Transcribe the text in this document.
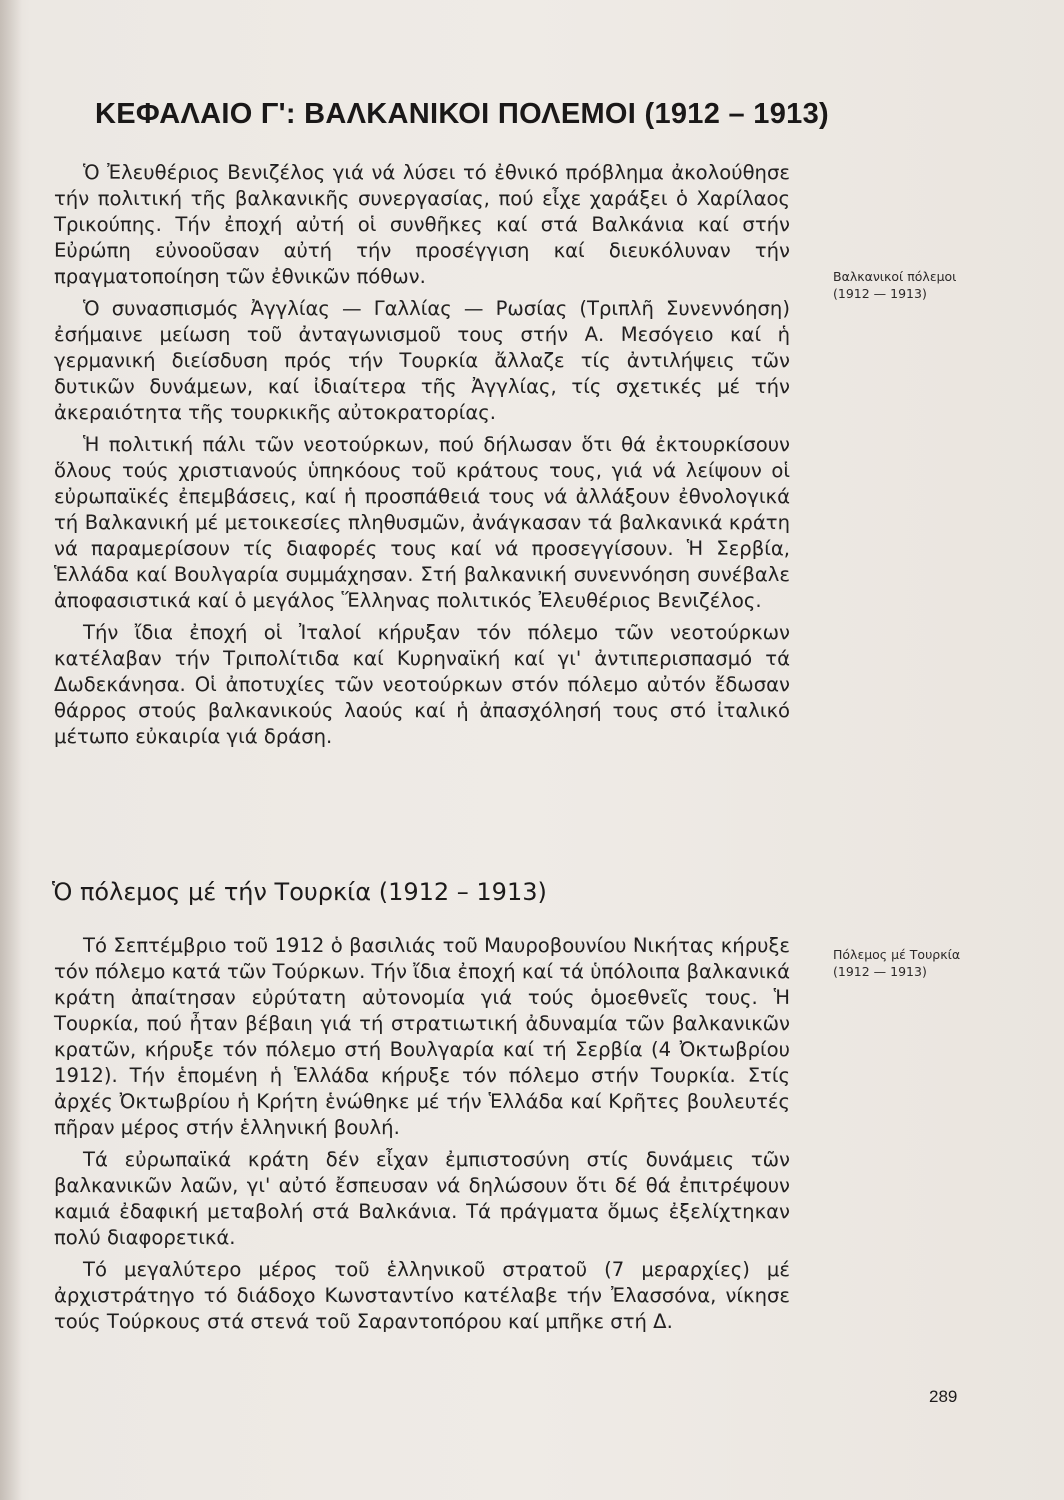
ΚΕΦΑΛΑΙΟ Γ': ΒΑΛΚΑΝΙΚΟΙ ΠΟΛΕΜΟΙ (1912 – 1913)

Ὁ Ἐλευθέριος Βενιζέλος γιά νά λύσει τό ἐθνικό πρόβλημα ἀκολούθησε τήν πολιτική τῆς βαλκανικῆς συνεργασίας, πού εἶχε χαράξει ὁ Χαρίλαος Τρικούπης. Τήν ἐποχή αὐτή οἱ συνθῆκες καί στά Βαλκάνια καί στήν Εὐρώπη εὐνοοῦσαν αὐτή τήν προσέγγιση καί διευκόλυναν τήν πραγματοποίηση τῶν ἐθνικῶν πόθων.

Ὁ συνασπισμός Ἀγγλίας — Γαλλίας — Ρωσίας (Τριπλῆ Συνεννόηση) ἐσήμαινε μείωση τοῦ ἀνταγωνισμοῦ τους στήν Α. Μεσόγειο καί ἡ γερμανική διείσδυση πρός τήν Τουρκία ἄλλαζε τίς ἀντιλήψεις τῶν δυτικῶν δυνάμεων, καί ἰδιαίτερα τῆς Ἀγγλίας, τίς σχετικές μέ τήν ἀκεραιότητα τῆς τουρκικῆς αὐτοκρατορίας.

Ἡ πολιτική πάλι τῶν νεοτούρκων, πού δήλωσαν ὅτι θά ἐκτουρκίσουν ὅλους τούς χριστιανούς ὑπηκόους τοῦ κράτους τους, γιά νά λείψουν οἱ εὐρωπαϊκές ἐπεμβάσεις, καί ἡ προσπάθειά τους νά ἀλλάξουν ἐθνολογικά τή Βαλκανική μέ μετοικεσίες πληθυσμῶν, ἀνάγκασαν τά βαλκανικά κράτη νά παραμερίσουν τίς διαφορές τους καί νά προσεγγίσουν. Ἡ Σερβία, Ἑλλάδα καί Βουλγαρία συμμάχησαν. Στή βαλκανική συνεννόηση συνέβαλε ἀποφασιστικά καί ὁ μεγάλος Ἕλληνας πολιτικός Ἐλευθέριος Βενιζέλος.

Τήν ἴδια ἐποχή οἱ Ἰταλοί κήρυξαν τόν πόλεμο τῶν νεοτούρκων κατέλαβαν τήν Τριπολίτιδα καί Κυρηναϊκή καί γι' ἀντιπερισπασμό τά Δωδεκάνησα. Οἱ ἀποτυχίες τῶν νεοτούρκων στόν πόλεμο αὐτόν ἔδωσαν θάρρος στούς βαλκανικούς λαούς καί ἡ ἀπασχόλησή τους στό ἰταλικό μέτωπο εὐκαιρία γιά δράση.

Βαλκανικοί πόλεμοι
(1912 — 1913)
Ὁ πόλεμος μέ τήν Τουρκία (1912 – 1913)

Τό Σεπτέμβριο τοῦ 1912 ὁ βασιλιάς τοῦ Μαυροβουνίου Νικήτας κήρυξε τόν πόλεμο κατά τῶν Τούρκων. Τήν ἴδια ἐποχή καί τά ὑπόλοιπα βαλκανικά κράτη ἀπαίτησαν εὐρύτατη αὐτονομία γιά τούς ὁμοεθνεῖς τους. Ἡ Τουρκία, πού ἦταν βέβαιη γιά τή στρατιωτική ἀδυναμία τῶν βαλκανικῶν κρατῶν, κήρυξε τόν πόλεμο στή Βουλγαρία καί τή Σερβία (4 Ὀκτωβρίου 1912). Τήν ἑπομένη ἡ Ἑλλάδα κήρυξε τόν πόλεμο στήν Τουρκία. Στίς ἀρχές Ὀκτωβρίου ἡ Κρήτη ἑνώθηκε μέ τήν Ἑλλάδα καί Κρῆτες βουλευτές πῆραν μέρος στήν ἑλληνική βουλή.

Τά εὐρωπαϊκά κράτη δέν εἶχαν ἐμπιστοσύνη στίς δυνάμεις τῶν βαλκανικῶν λαῶν, γι' αὐτό ἔσπευσαν νά δηλώσουν ὅτι δέ θά ἐπιτρέψουν καμιά ἐδαφική μεταβολή στά Βαλκάνια. Τά πράγματα ὅμως ἐξελίχτηκαν πολύ διαφορετικά.

Τό μεγαλύτερο μέρος τοῦ ἑλληνικοῦ στρατοῦ (7 μεραρχίες) μέ ἀρχιστράτηγο τό διάδοχο Κωνσταντίνο κατέλαβε τήν Ἐλασσόνα, νίκησε τούς Τούρκους στά στενά τοῦ Σαραντοπόρου καί μπῆκε στή Δ.

Πόλεμος μέ Τουρκία
(1912 — 1913)
289
